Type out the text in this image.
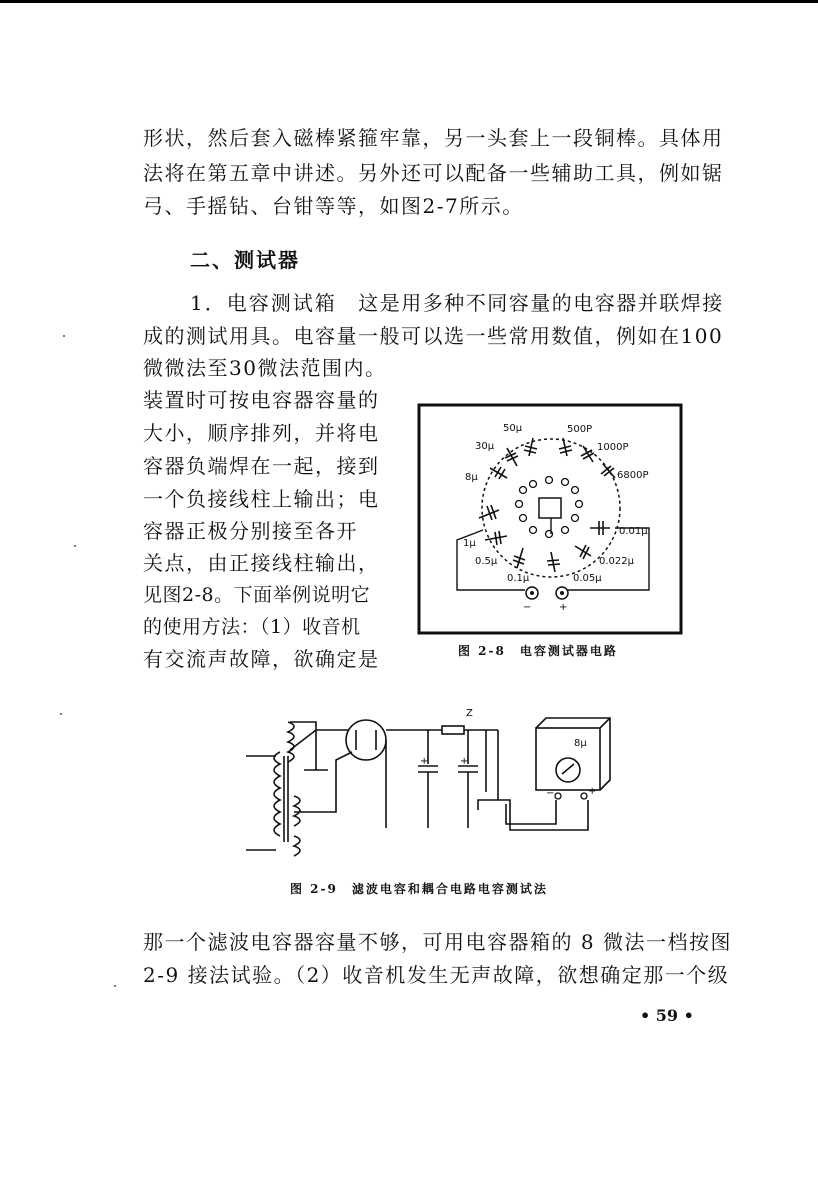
形状，然后套入磁棒紧箍牢靠，另一头套上一段铜棒。具体用
法将在第五章中讲述。另外还可以配备一些辅助工具，例如锯
弓、手摇钻、台钳等等，如图2-7所示。
二、测试器
1．电容测试箱　 这是用多种不同容量的电容器并联焊接
成的测试用具。电容量一般可以选一些常用数值，例如在100
微微法至30微法范围内。
装置时可按电容器容量的
大小，顺序排列，并将电
容器负端焊在一起，接到
一个负接线柱上输出；电
容器正极分别接至各开
关点，由正接线柱输出，
见图2-8。下面举例说明它
的使用方法：（1）收音机
有交流声故障，欲确定是
50μ
30μ
8μ
500P
1000P
6800P
0.01μ
0.022μ
0.05μ
0.1μ
0.5μ
1μ
−	+
图 2-8　电容测试器电路
Z
8μ
+	+
−	+
图 2-9　滤波电容和耦合电路电容测试法
那一个滤波电容器容量不够，可用电容器箱的 8 微法一档按图
2-9 接法试验。（2）收音机发生无声故障，欲想确定那一个级
• 59 •
